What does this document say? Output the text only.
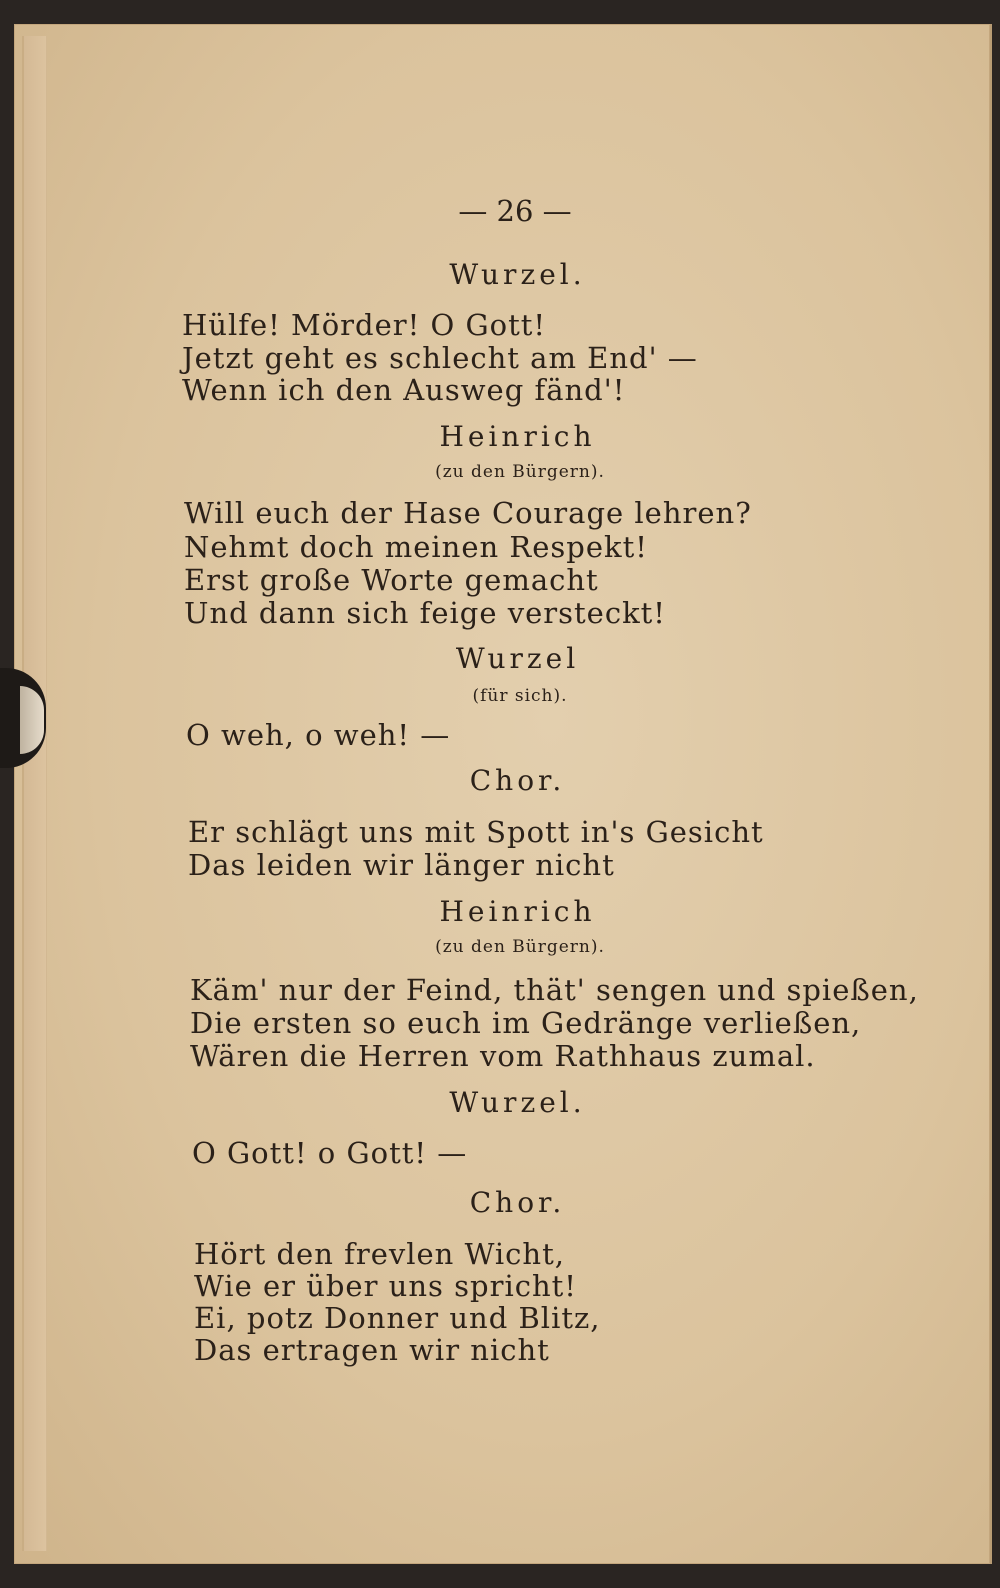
— 26 —

Wurzel.

Hülfe! Mörder! O Gott!

Jetzt geht es schlecht am End' —

Wenn ich den Ausweg fänd'!

Heinrich

(zu den Bürgern).

Will euch der Hase Courage lehren?

Nehmt doch meinen Respekt!

Erst große Worte gemacht

Und dann sich feige versteckt!

Wurzel

(für sich).

O weh, o weh! —

Chor.

Er schlägt uns mit Spott in's Gesicht

Das leiden wir länger nicht

Heinrich

(zu den Bürgern).

Käm' nur der Feind, thät' sengen und spießen,

Die ersten so euch im Gedränge verließen,

Wären die Herren vom Rathhaus zumal.

Wurzel.

O Gott! o Gott! —

Chor.

Hört den frevlen Wicht,

Wie er über uns spricht!

Ei, potz Donner und Blitz,

Das ertragen wir nicht
